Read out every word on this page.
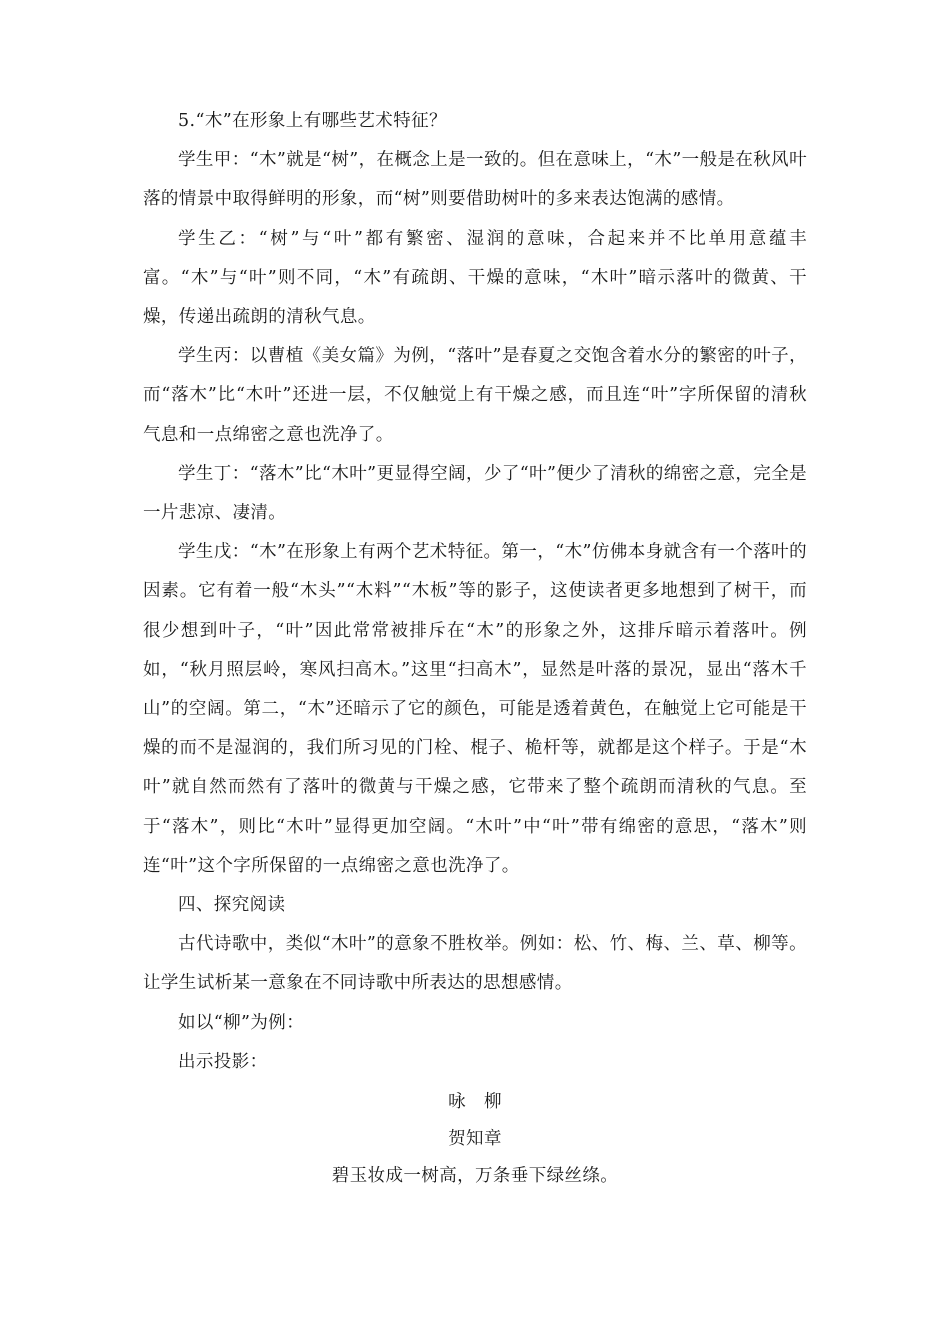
5.“木”在形象上有哪些艺术特征？

学生甲：“木”就是“树”，在概念上是一致的。但在意味上，“木”一般是在秋风叶落的情景中取得鲜明的形象，而“树”则要借助树叶的多来表达饱满的感情。

学生乙：“树”与“叶”都有繁密、湿润的意味，合起来并不比单用意蕴丰富。“木”与“叶”则不同，“木”有疏朗、干燥的意味，“木叶”暗示落叶的微黄、干燥，传递出疏朗的清秋气息。

学生丙：以曹植《美女篇》为例，“落叶”是春夏之交饱含着水分的繁密的叶子，而“落木”比“木叶”还进一层，不仅触觉上有干燥之感，而且连“叶”字所保留的清秋气息和一点绵密之意也洗净了。

学生丁：“落木”比“木叶”更显得空阔，少了“叶”便少了清秋的绵密之意，完全是一片悲凉、凄清。

学生戊：“木”在形象上有两个艺术特征。第一，“木”仿佛本身就含有一个落叶的因素。它有着一般“木头”“木料”“木板”等的影子，这使读者更多地想到了树干，而很少想到叶子，“叶”因此常常被排斥在“木”的形象之外，这排斥暗示着落叶。例如，“秋月照层岭，寒风扫高木。”这里“扫高木”，显然是叶落的景况，显出“落木千山”的空阔。第二，“木”还暗示了它的颜色，可能是透着黄色，在触觉上它可能是干燥的而不是湿润的，我们所习见的门栓、棍子、桅杆等，就都是这个样子。于是“木叶”就自然而然有了落叶的微黄与干燥之感，它带来了整个疏朗而清秋的气息。至于“落木”，则比“木叶”显得更加空阔。“木叶”中“叶”带有绵密的意思，“落木”则连“叶”这个字所保留的一点绵密之意也洗净了。

四、探究阅读

古代诗歌中，类似“木叶”的意象不胜枚举。例如：松、竹、梅、兰、草、柳等。让学生试析某一意象在不同诗歌中所表达的思想感情。

如以“柳”为例：

出示投影：

咏　柳

贺知章

碧玉妆成一树高，万条垂下绿丝绦。
